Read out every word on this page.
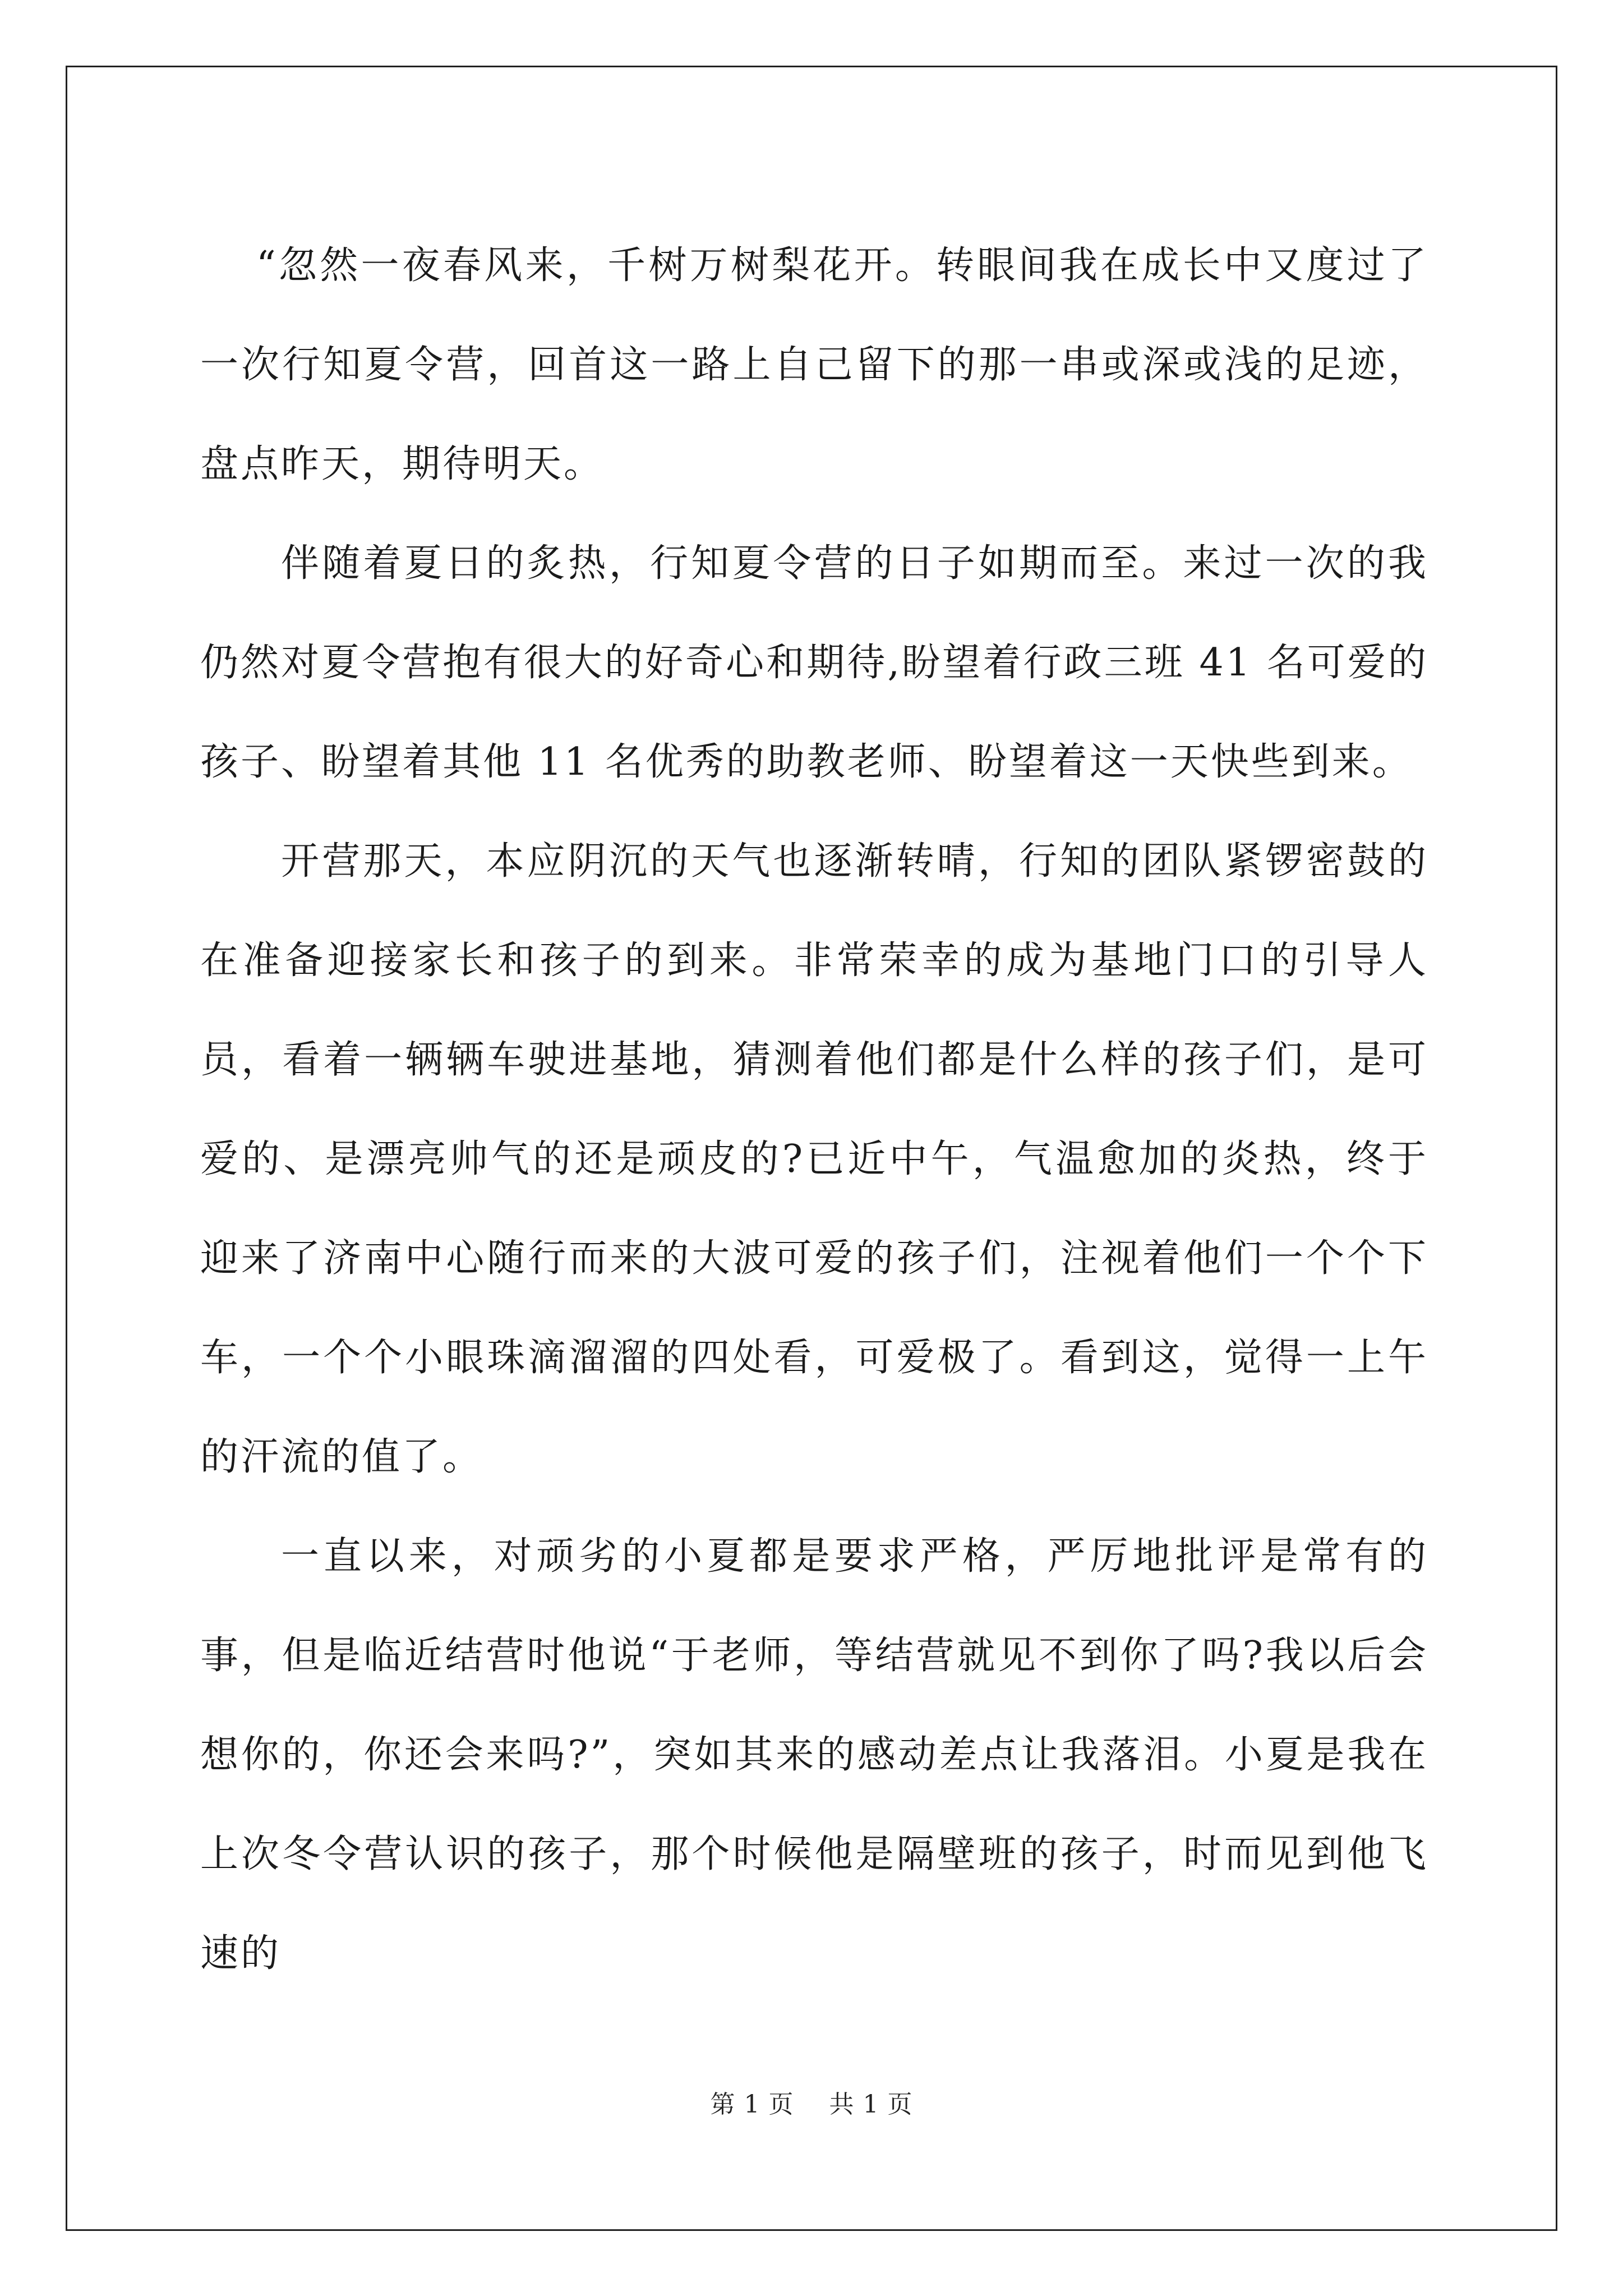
“忽然一夜春风来，千树万树梨花开。转眼间我在成长中又度过了一次行知夏令营，回首这一路上自己留下的那一串或深或浅的足迹，盘点昨天，期待明天。

伴随着夏日的炙热，行知夏令营的日子如期而至。来过一次的我仍然对夏令营抱有很大的好奇心和期待,盼望着行政三班 41 名可爱的孩子、盼望着其他 11 名优秀的助教老师、盼望着这一天快些到来。

开营那天，本应阴沉的天气也逐渐转晴，行知的团队紧锣密鼓的在准备迎接家长和孩子的到来。非常荣幸的成为基地门口的引导人员，看着一辆辆车驶进基地，猜测着他们都是什么样的孩子们，是可爱的、是漂亮帅气的还是顽皮的?已近中午，气温愈加的炎热，终于迎来了济南中心随行而来的大波可爱的孩子们，注视着他们一个个下车，一个个小眼珠滴溜溜的四处看，可爱极了。看到这，觉得一上午的汗流的值了。

一直以来，对顽劣的小夏都是要求严格，严厉地批评是常有的事，但是临近结营时他说“于老师，等结营就见不到你了吗?我以后会想你的，你还会来吗?”，突如其来的感动差点让我落泪。小夏是我在上次冬令营认识的孩子，那个时候他是隔壁班的孩子，时而见到他飞速的

第 1 页 共 1 页
